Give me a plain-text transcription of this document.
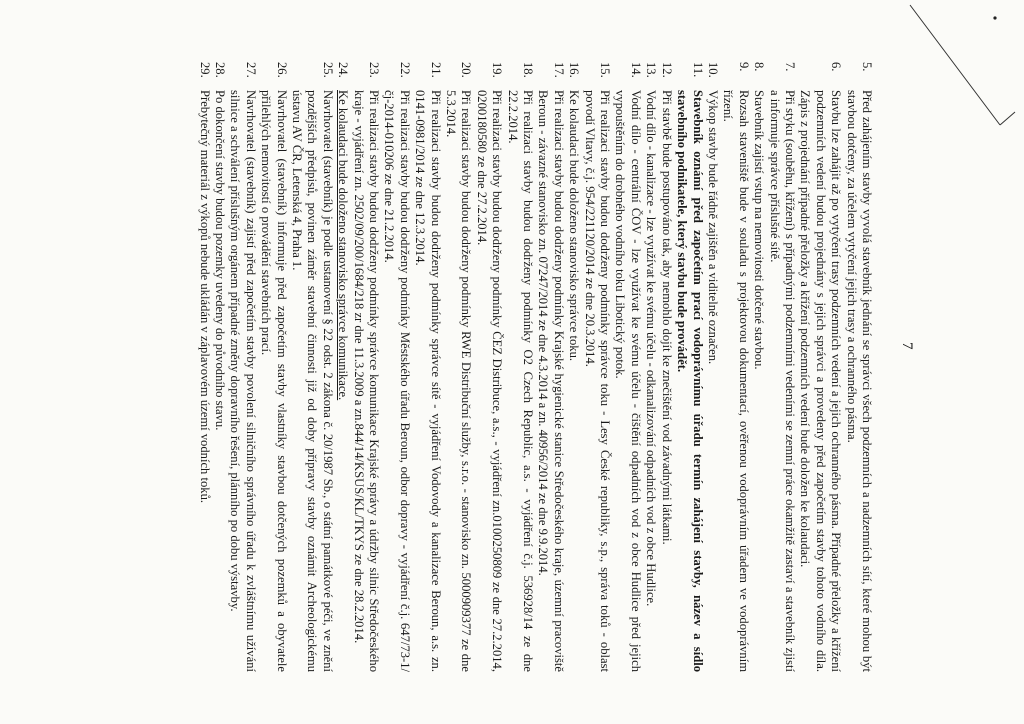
7
5.
Před zahájením stavby vyvolá stavebník jednání se správci všech podzemních a nadzemních sítí, které mohou být stavbou dotčeny, za účelem vytyčení jejich trasy a ochranného pásma.
6.
Stavbu lze zahájit až po vytyčení trasy podzemních vedení a jejich ochranného pásma. Případné přeložky a křížení podzemních vedení budou projednány s jejich správci a provedeny před započetím stavby tohoto vodního díla. Zápis z projednání případné přeložky a křížení podzemních vedení bude doložen ke kolaudaci.
7.
Při styku (souběhu, křížení) s případnými podzemními vedeními se zemní práce okamžitě zastaví a stavebník zjistí a informuje správce příslušné sítě.
8.
Stavebník zajistí vstup na nemovitosti dotčené stavbou.
9.
Rozsah staveniště bude v souladu s projektovou dokumentací, ověřenou vodoprávním úřadem ve vodoprávním řízení.
10.
Výkop stavby bude řádně zajištěn a viditelně označen.
11.
Stavebník oznámí před započetím prací vodoprávnímu úřadu termín zahájení stavby, název a sídlo stavebního podnikatele, který stavbu bude provádět.
12.
Při stavbě bude postupováno tak, aby nemohlo dojít ke znečištění vod závadnými látkami.
13.
Vodní dílo - kanalizace - lze využívat ke svému účelu - odkanalizování odpadních vod z obce Hudlice.
14.
Vodní dílo - centrální ČOV - lze využívat ke svému účelu - čištění odpadních vod z obce Hudlice před jejich vypouštěním do drobného vodního toku Libotický potok.
15.
Při realizaci stavby budou dodrženy podmínky správce toku - Lesy České republiky, s.p., správa toků - oblast povodí Vltavy, č.j. 954/221120/2014 ze dne 20.3.2014.
16.
Ke kolaudaci bude doloženo stanovisko správce toku.
17.
Při realizaci stavby budou dodrženy podmínky Krajské hygienické stanice Středočeského kraje, územní pracoviště Beroun - závazné stanovisko zn. 07247/2014 ze dne 4.3.2014 a zn. 40956/2014 ze dne 9.9.2014.
18.
Při realizaci stavby budou dodrženy podmínky O2 Czech Republic, a.s. - vyjádření č.j. 536928/14 ze dne 22.2.2014.
19.
Při realizaci stavby budou dodrženy podmínky ČEZ Distribuce, a.s., - vyjádření zn.0100250809 ze dne 27.2.2014, 0200180580 ze dne 27.2.2014.
20.
Při realizaci stavby budou dodrženy podmínky RWE Distribuční služby, s.r.o. - stanovisko zn. 5000909377 ze dne 5.3.2014.
21.
Při realizaci stavby budou dodrženy podmínky správce sítě - vyjádření Vodovody a kanalizace Beroun, a.s. zn. 0141-0981/2014 ze dne 12.3.2014.
22.
Při realizaci stavby budou dodrženy podmínky Městského úřadu Beroun, odbor dopravy - vyjádření č.j. 647/73-1/čj-2014-010206 ze dne 21.2.2014.
23.
Při realizaci stavby budou dodrženy podmínky správce komunikace Krajské správy a údržby silnic Středočeského kraje - vyjádření zn. 2502/09/200/1684/218 zr dne 11.3.2009 a zn.844/14/KSUS/KL/TKYS ze dne 28.2.2014.
24.
Ke kolaudaci bude doloženo stanovisko správce komunikace.
25.
Navrhovatel (stavebník) je podle ustanovení § 22 odst. 2 zákona č. 20/1987 Sb., o státní památkové péči, ve znění pozdějších předpisů, povinen záměr stavební činnosti již od doby přípravy stavby oznámit Archeologickému ústavu AV ČR, Letenská 4, Praha 1.
26.
Navrhovatel (stavebník) informuje před započetím stavby vlastníky stavbou dotčených pozemků a obyvatele přilehlých nemovitostí o provádění stavebních prací.
27.
Navrhovatel (stavebník) zajistí před započetím stavby povolení silničního správního úřadu k zvláštnímu užívání silnice a schválení příslušným orgánem případné změny dopravního řešení, plánního po dobu výstavby.
28.
Po dokončení stavby budou pozemky uvedeny do původního stavu.
29.
Přebytečný materiál z výkopů nebude ukládán v záplavovém území vodních toků.
